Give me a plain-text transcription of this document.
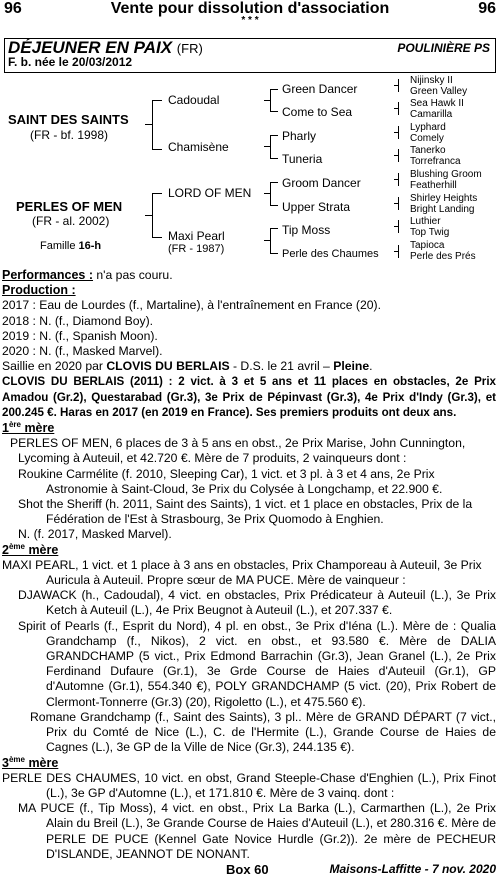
96	Vente pour dissolution d'association	96
* * *
DÉJEUNER EN PAIX (FR)	POULINIÈRE PS
F. b. née le 20/03/2012
SAINT DES SAINTS
(FR - bf. 1998)
PERLES OF MEN
(FR - al. 2002)
Famille 16-h
Cadoudal
Chamisène
LORD OF MEN
Maxi Pearl
(FR - 1987)
Green Dancer
Come to Sea
Pharly
Tuneria
Groom Dancer
Upper Strata
Tip Moss
Perle des Chaumes
Nijinsky II
Green Valley
Sea Hawk II
Camarilla
Lyphard
Comely
Tanerko
Torrefranca
Blushing Groom
Featherhill
Shirley Heights
Bright Landing
Luthier
Top Twig
Tapioca
Perle des Prés
Performances : n'a pas couru.
Production :
2017 : Eau de Lourdes (f., Martaline), à l'entraînement en France (20).
2018 : N. (f., Diamond Boy).
2019 : N. (f., Spanish Moon).
2020 : N. (f., Masked Marvel).
Saillie en 2020 par CLOVIS DU BERLAIS - D.S. le 21 avril – Pleine.
CLOVIS DU BERLAIS (2011) : 2 vict. à 3 et 5 ans et 11 places en obstacles, 2e Prix Amadou (Gr.2), Questarabad (Gr.3), 3e Prix de Pépinvast (Gr.3), 4e Prix d'Indy (Gr.3), et 200.245 €. Haras en 2017 (en 2019 en France). Ses premiers produits ont deux ans.
1ère mère
PERLES OF MEN, 6 places de 3 à 5 ans en obst., 2e Prix Marise, John Cunnington, Lycoming à Auteuil, et 42.720 €. Mère de 7 produits, 2 vainqueurs dont :
Roukine Carmélite (f. 2010, Sleeping Car), 1 vict. et 3 pl. à 3 et 4 ans, 2e Prix Astronomie à Saint-Cloud, 3e Prix du Colysée à Longchamp, et 22.900 €.
Shot the Sheriff (h. 2011, Saint des Saints), 1 vict. et 1 place en obstacles, Prix de la Fédération de l'Est à Strasbourg, 3e Prix Quomodo à Enghien.
N. (f. 2017, Masked Marvel).
2ème mère
MAXI PEARL, 1 vict. et 1 place à 3 ans en obstacles, Prix Champoreau à Auteuil, 3e Prix Auricula à Auteuil. Propre sœur de MA PUCE. Mère de vainqueur :
DJAWACK (h., Cadoudal), 4 vict. en obstacles, Prix Prédicateur à Auteuil (L.), 3e Prix Ketch à Auteuil (L.), 4e Prix Beugnot à Auteuil (L.), et 207.337 €.
Spirit of Pearls (f., Esprit du Nord), 4 pl. en obst., 3e Prix d'Iéna (L.). Mère de : Qualia Grandchamp (f., Nikos), 2 vict. en obst., et 93.580 €. Mère de DALIA GRANDCHAMP (5 vict., Prix Edmond Barrachin (Gr.3), Jean Granel (L.), 2e Prix Ferdinand Dufaure (Gr.1), 3e Grde Course de Haies d'Auteuil (Gr.1), GP d'Automne (Gr.1), 554.340 €), POLY GRANDCHAMP (5 vict. (20), Prix Robert de Clermont-Tonnerre (Gr.3) (20), Rigoletto (L.), et 475.560 €).
Romane Grandchamp (f., Saint des Saints), 3 pl.. Mère de GRAND DÉPART (7 vict., Prix du Comté de Nice (L.), C. de l'Hermite (L.), Grande Course de Haies de Cagnes (L.), 3e GP de la Ville de Nice (Gr.3), 244.135 €).
3ème mère
PERLE DES CHAUMES, 10 vict. en obst, Grand Steeple-Chase d'Enghien (L.), Prix Finot (L.), 3e GP d'Automne (L.), et 171.810 €. Mère de 3 vainq. dont :
MA PUCE (f., Tip Moss), 4 vict. en obst., Prix La Barka (L.), Carmarthen (L.), 2e Prix Alain du Breil (L.), 3e Grande Course de Haies d'Auteuil (L.), et 280.316 €. Mère de PERLE DE PUCE (Kennel Gate Novice Hurdle (Gr.2)). 2e mère de PECHEUR D'ISLANDE, JEANNOT DE NONANT.
Box 60	Maisons-Laffitte - 7 nov. 2020
